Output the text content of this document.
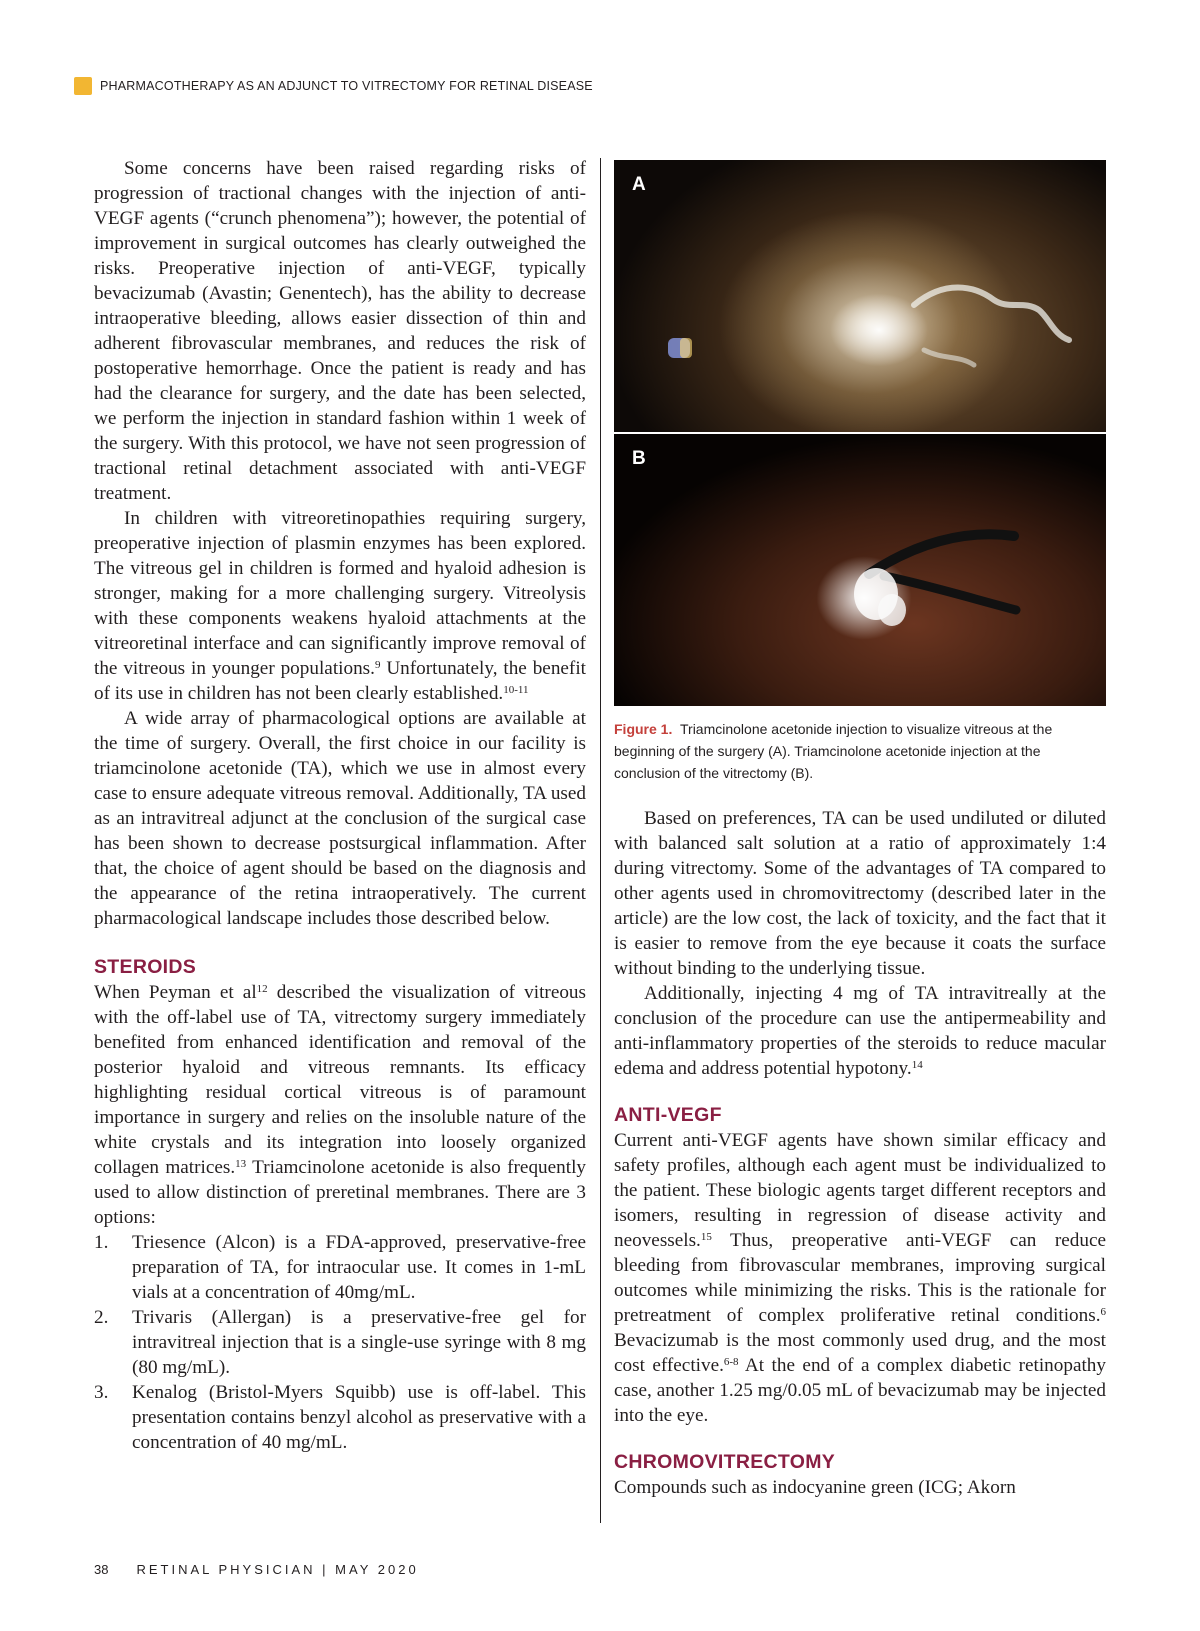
PHARMACOTHERAPY AS AN ADJUNCT TO VITRECTOMY FOR RETINAL DISEASE

Some concerns have been raised regarding risks of progression of tractional changes with the injection of anti-VEGF agents (“crunch phenomena”); however, the potential of improvement in surgical outcomes has clearly outweighed the risks. Preoperative injection of anti-VEGF, typically bevacizumab (Avastin; Genentech), has the ability to decrease intraoperative bleeding, allows easier dissection of thin and adherent fibrovascular membranes, and reduces the risk of postoperative hemorrhage. Once the patient is ready and has had the clearance for surgery, and the date has been selected, we perform the injection in standard fashion within 1 week of the surgery. With this protocol, we have not seen progression of tractional retinal detachment associated with anti-VEGF treatment.

In children with vitreoretinopathies requiring surgery, preoperative injection of plasmin enzymes has been explored. The vitreous gel in children is formed and hyaloid adhesion is stronger, making for a more challenging surgery. Vitreolysis with these components weakens hyaloid attachments at the vitreoretinal interface and can significantly improve removal of the vitreous in younger populations.$^9$ Unfortunately, the benefit of its use in children has not been clearly established.$^{10-11}$

A wide array of pharmacological options are available at the time of surgery. Overall, the first choice in our facility is triamcinolone acetonide (TA), which we use in almost every case to ensure adequate vitreous removal. Additionally, TA used as an intravitreal adjunct at the conclusion of the surgical case has been shown to decrease postsurgical inflammation. After that, the choice of agent should be based on the diagnosis and the appearance of the retina intraoperatively. The current pharmacological landscape includes those described below.

STEROIDS

When Peyman et $al^{12}$ described the visualization of vitreous with the off-label use of TA, vitrectomy surgery immediately benefited from enhanced identification and removal of the posterior hyaloid and vitreous remnants. Its efficacy highlighting residual cortical vitreous is of paramount importance in surgery and relies on the insoluble nature of the white crystals and its integration into loosely organized collagen matrices.$^{13}$ Triamcinolone acetonide is also frequently used to allow distinction of preretinal membranes. There are 3 options:

1. Triesence (Alcon) is a FDA-approved, preservative-free preparation of TA, for intraocular use. It comes in 1-mL vials at a concentration of 40mg/mL.
2. Trivaris (Allergan) is a preservative-free gel for intravitreal injection that is a single-use syringe with 8 mg (80 mg/mL).
3. Kenalog (Bristol-Myers Squibb) use is off-label. This presentation contains benzyl alcohol as preservative with a concentration of 40 mg/mL.
A
B
Figure 1. Triamcinolone acetonide injection to visualize vitreous at the beginning of the surgery (A). Triamcinolone acetonide injection at the conclusion of the vitrectomy (B).

Based on preferences, TA can be used undiluted or diluted with balanced salt solution at a ratio of approximately 1:4 during vitrectomy. Some of the advantages of TA compared to other agents used in chromovitrectomy (described later in the article) are the low cost, the lack of toxicity, and the fact that it is easier to remove from the eye because it coats the surface without binding to the underlying tissue.

Additionally, injecting 4 mg of TA intravitreally at the conclusion of the procedure can use the antipermeability and anti-inflammatory properties of the steroids to reduce macular edema and address potential hypotony.$^{14}$

ANTI-VEGF

Current anti-VEGF agents have shown similar efficacy and safety profiles, although each agent must be individualized to the patient. These biologic agents target different receptors and isomers, resulting in regression of disease activity and neovessels.$^{15}$ Thus, preoperative anti-VEGF can reduce bleeding from fibrovascular membranes, improving surgical outcomes while minimizing the risks. This is the rationale for pretreatment of complex proliferative retinal conditions.$^6$ Bevacizumab is the most commonly used drug, and the most cost effective.$^{6-8}$ At the end of a complex diabetic retinopathy case, another 1.25 mg/0.05 mL of bevacizumab may be injected into the eye.

CHROMOVITRECTOMY

Compounds such as indocyanine green (ICG; Akorn

38 RETINAL PHYSICIAN | MAY 2020
